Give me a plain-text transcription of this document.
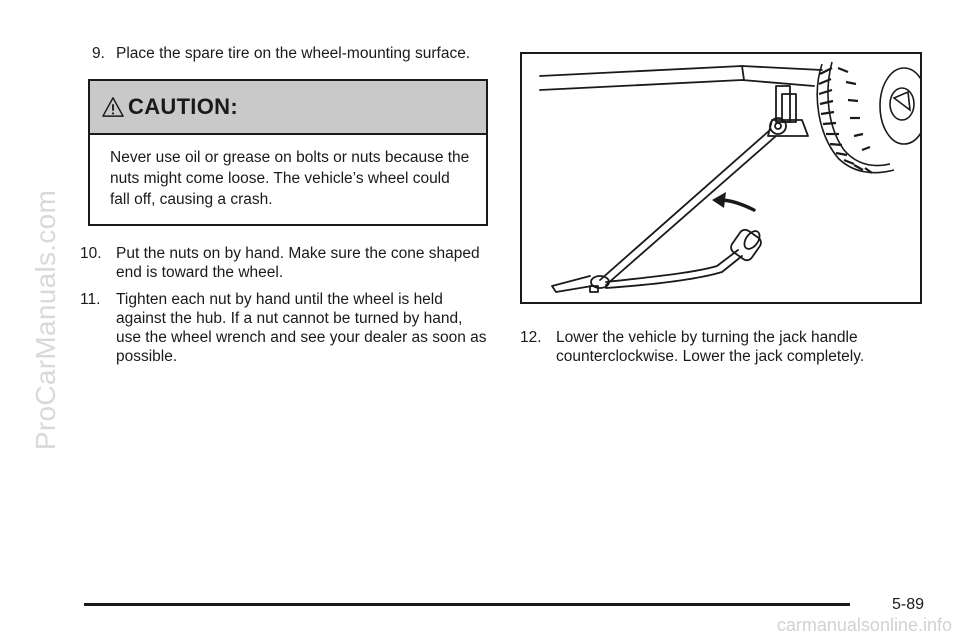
ProCarManuals.com

9. Place the spare tire on the wheel-mounting surface.

CAUTION:
Never use oil or grease on bolts or nuts because the nuts might come loose. The vehicle’s wheel could fall off, causing a crash.

10. Put the nuts on by hand. Make sure the cone shaped end is toward the wheel.

11. Tighten each nut by hand until the wheel is held against the hub. If a nut cannot be turned by hand, use the wheel wrench and see your dealer as soon as possible.

12. Lower the vehicle by turning the jack handle counterclockwise. Lower the jack completely.

5-89
carmanualsonline.info
